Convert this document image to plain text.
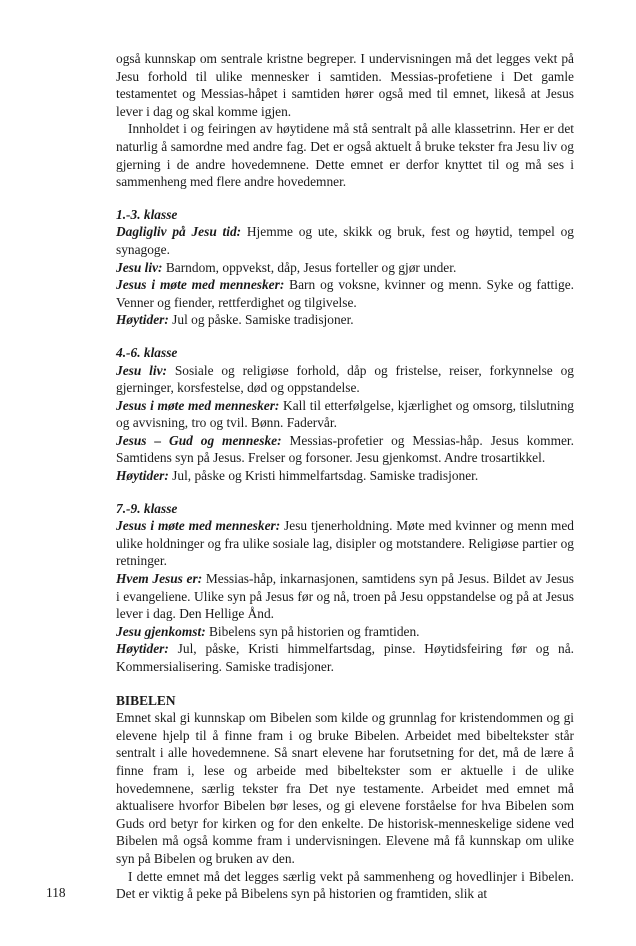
også kunnskap om sentrale kristne begreper. I undervisningen må det legges vekt på Jesu forhold til ulike mennesker i samtiden. Messias-profetiene i Det gamle testamentet og Messias-håpet i samtiden hører også med til emnet, likeså at Jesus lever i dag og skal komme igjen.

Innholdet i og feiringen av høytidene må stå sentralt på alle klassetrinn. Her er det naturlig å samordne med andre fag. Det er også aktuelt å bruke tekster fra Jesu liv og gjerning i de andre hovedemnene. Dette emnet er derfor knyttet til og må ses i sammenheng med flere andre hovedemner.

1.-3. klasse

Dagligliv på Jesu tid: Hjemme og ute, skikk og bruk, fest og høytid, tempel og synagoge.

Jesu liv: Barndom, oppvekst, dåp, Jesus forteller og gjør under.

Jesus i møte med mennesker: Barn og voksne, kvinner og menn. Syke og fattige. Venner og fiender, rettferdighet og tilgivelse.

Høytider: Jul og påske. Samiske tradisjoner.

4.-6. klasse

Jesu liv: Sosiale og religiøse forhold, dåp og fristelse, reiser, forkynnelse og gjerninger, korsfestelse, død og oppstandelse.

Jesus i møte med mennesker: Kall til etterfølgelse, kjærlighet og omsorg, tilslutning og avvisning, tro og tvil. Bønn. Fadervår.

Jesus – Gud og menneske: Messias-profetier og Messias-håp. Jesus kommer. Samtidens syn på Jesus. Frelser og forsoner. Jesu gjenkomst. Andre trosartikkel.

Høytider: Jul, påske og Kristi himmelfartsdag. Samiske tradisjoner.

7.-9. klasse

Jesus i møte med mennesker: Jesu tjenerholdning. Møte med kvinner og menn med ulike holdninger og fra ulike sosiale lag, disipler og motstandere. Religiøse partier og retninger.

Hvem Jesus er: Messias-håp, inkarnasjonen, samtidens syn på Jesus. Bildet av Jesus i evangeliene. Ulike syn på Jesus før og nå, troen på Jesu oppstandelse og på at Jesus lever i dag. Den Hellige Ånd.

Jesu gjenkomst: Bibelens syn på historien og framtiden.

Høytider: Jul, påske, Kristi himmelfartsdag, pinse. Høytidsfeiring før og nå. Kommersialisering. Samiske tradisjoner.

BIBELEN

Emnet skal gi kunnskap om Bibelen som kilde og grunnlag for kristendommen og gi elevene hjelp til å finne fram i og bruke Bibelen. Arbeidet med bibeltekster står sentralt i alle hovedemnene. Så snart elevene har forutsetning for det, må de lære å finne fram i, lese og arbeide med bibeltekster som er aktuelle i de ulike hovedemnene, særlig tekster fra Det nye testamente. Arbeidet med emnet må aktualisere hvorfor Bibelen bør leses, og gi elevene forståelse for hva Bibelen som Guds ord betyr for kirken og for den enkelte. De historisk-menneskelige sidene ved Bibelen må også komme fram i undervisningen. Elevene må få kunnskap om ulike syn på Bibelen og bruken av den.

I dette emnet må det legges særlig vekt på sammenheng og hovedlinjer i Bibelen. Det er viktig å peke på Bibelens syn på historien og framtiden, slik at

118
